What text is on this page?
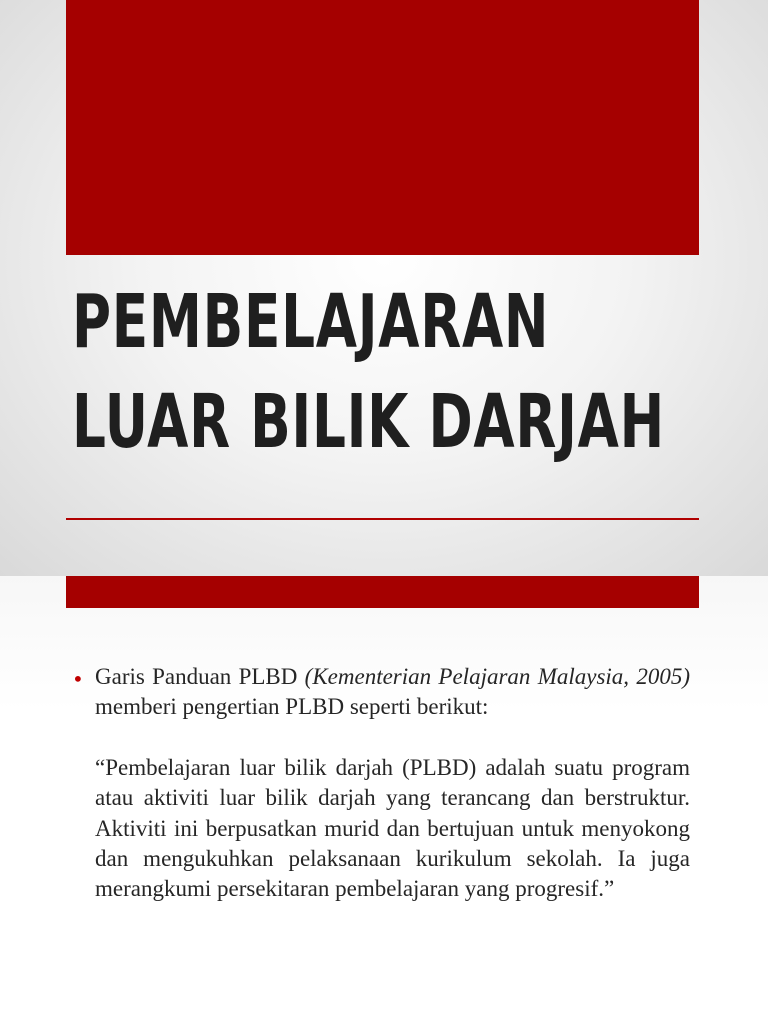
PEMBELAJARAN
LUAR BILIK DARJAH
• Garis Panduan PLBD (Kementerian Pelajaran Malaysia, 2005) memberi pengertian PLBD seperti berikut:

“Pembelajaran luar bilik darjah (PLBD) adalah suatu program atau aktiviti luar bilik darjah yang terancang dan berstruktur. Aktiviti ini berpusatkan murid dan bertujuan untuk menyokong dan mengukuhkan pelaksanaan kurikulum sekolah. Ia juga merangkumi persekitaran pembelajaran yang progresif.”
